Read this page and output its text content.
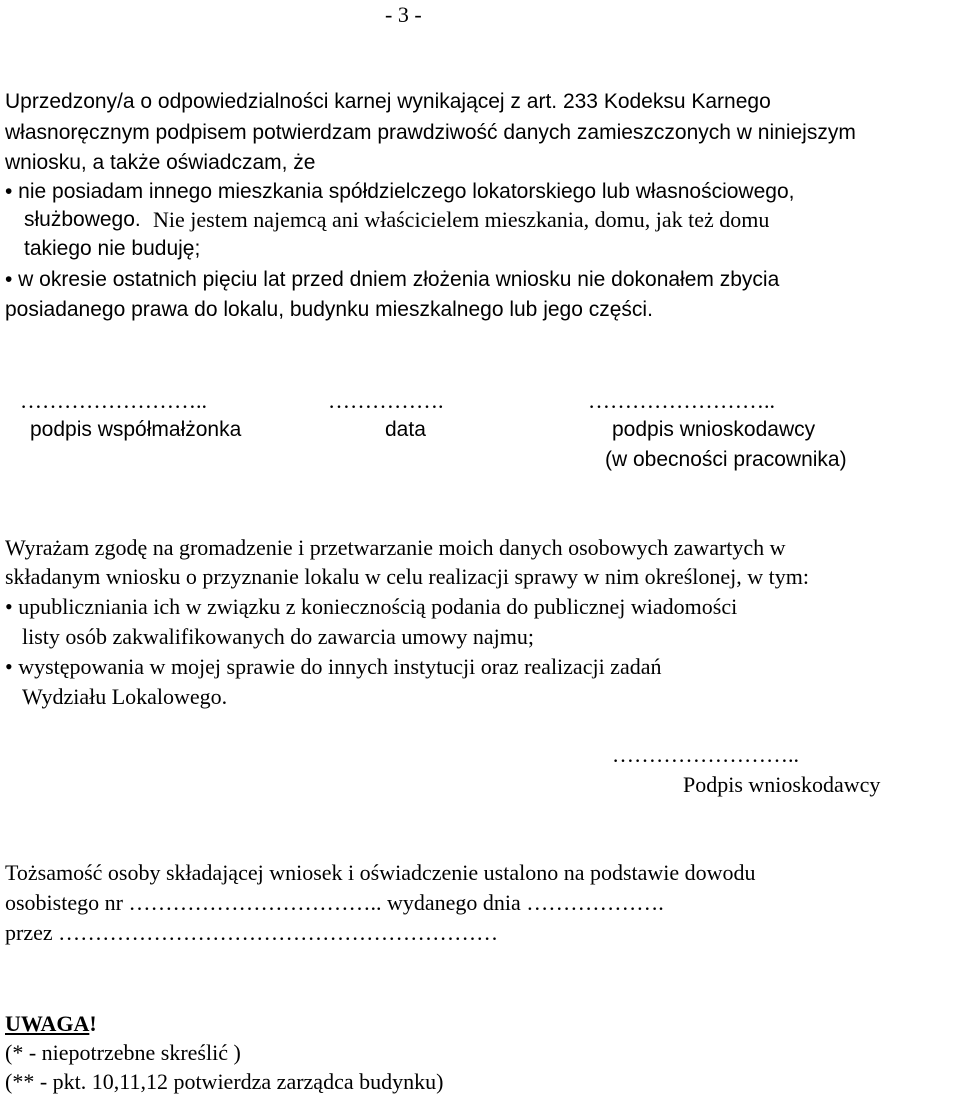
- 3 -
Uprzedzony/a o odpowiedzialności karnej wynikającej z art. 233 Kodeksu Karnego
własnoręcznym podpisem potwierdzam prawdziwość danych zamieszczonych w niniejszym
wniosku, a także oświadczam, że
• nie posiadam innego mieszkania spółdzielczego lokatorskiego lub własnościowego,
służbowego. Nie jestem najemcą ani właścicielem mieszkania, domu, jak też domu
takiego nie buduję;
• w okresie ostatnich pięciu lat przed dniem złożenia wniosku nie dokonałem zbycia
posiadanego prawa do lokalu, budynku mieszkalnego lub jego części.
……………………..	…………….	……………………..
podpis współmałżonka	data	podpis wnioskodawcy
(w obecności pracownika)
Wyrażam zgodę na gromadzenie i przetwarzanie moich danych osobowych zawartych w
składanym wniosku o przyznanie lokalu w celu realizacji sprawy w nim określonej, w tym:
• upubliczniania ich w związku z koniecznością podania do publicznej wiadomości
listy osób zakwalifikowanych do zawarcia umowy najmu;
• występowania w mojej sprawie do innych instytucji oraz realizacji zadań
Wydziału Lokalowego.
……………………..
Podpis wnioskodawcy
Tożsamość osoby składającej wniosek i oświadczenie ustalono na podstawie dowodu
osobistego nr …………………………….. wydanego dnia ……………….
przez ……………………………………………………
UWAGA!
(* - niepotrzebne skreślić )
(** - pkt. 10,11,12 potwierdza zarządca budynku)
